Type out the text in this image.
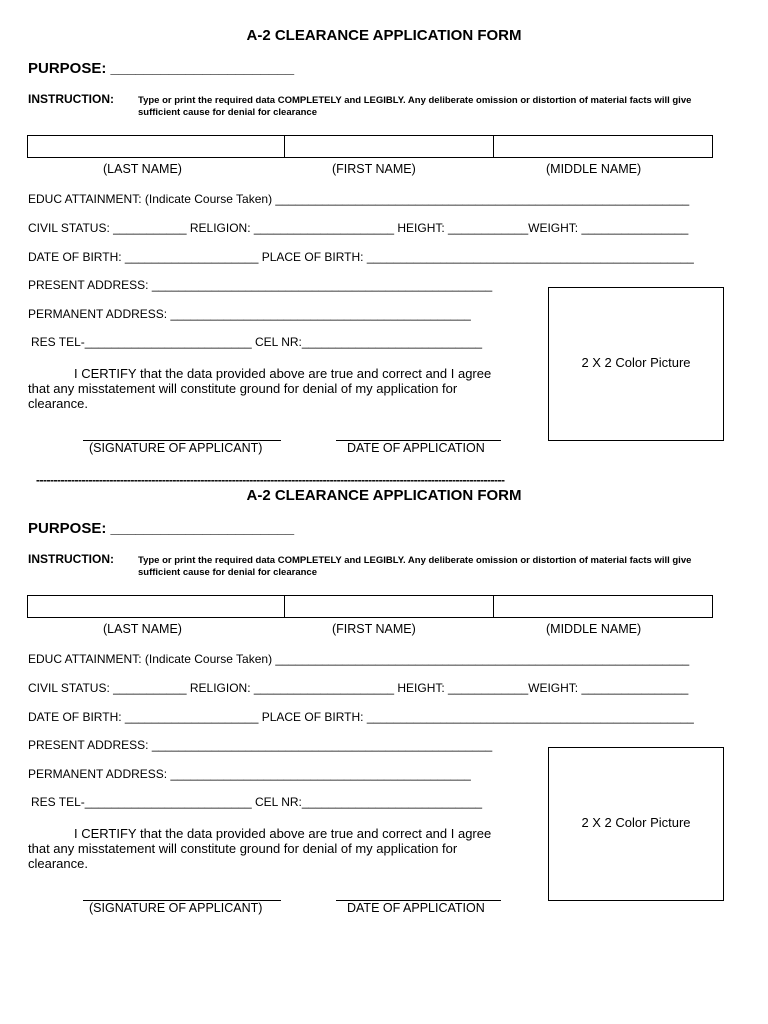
A-2 CLEARANCE APPLICATION FORM
PURPOSE: ______________________
INSTRUCTION:	Type or print the required data COMPLETELY and LEGIBLY. Any deliberate omission or distortion of material facts will give sufficient cause for denial for clearance
(LAST NAME)	(FIRST NAME)	(MIDDLE NAME)
EDUC ATTAINMENT: (Indicate Course Taken) ______________________________________________________________
CIVIL STATUS: ___________ RELIGION: _____________________ HEIGHT: ____________WEIGHT: ________________
DATE OF BIRTH: ____________________ PLACE OF BIRTH: _________________________________________________
PRESENT ADDRESS: ___________________________________________________
PERMANENT ADDRESS: _____________________________________________
RES TEL-_________________________ CEL NR:___________________________
2 X 2 Color Picture
I CERTIFY that the data provided above are true and correct and I agree that any misstatement will constitute ground for denial of my application for clearance.
(SIGNATURE OF APPLICANT)	DATE OF APPLICATION
--------------------------------------------------------------------------------------------------------------------------------------
A-2 CLEARANCE APPLICATION FORM
PURPOSE: ______________________
INSTRUCTION:	Type or print the required data COMPLETELY and LEGIBLY. Any deliberate omission or distortion of material facts will give sufficient cause for denial for clearance
(LAST NAME)	(FIRST NAME)	(MIDDLE NAME)
EDUC ATTAINMENT: (Indicate Course Taken) ______________________________________________________________
CIVIL STATUS: ___________ RELIGION: _____________________ HEIGHT: ____________WEIGHT: ________________
DATE OF BIRTH: ____________________ PLACE OF BIRTH: _________________________________________________
PRESENT ADDRESS: ___________________________________________________
PERMANENT ADDRESS: _____________________________________________
RES TEL-_________________________ CEL NR:___________________________
2 X 2 Color Picture
I CERTIFY that the data provided above are true and correct and I agree that any misstatement will constitute ground for denial of my application for clearance.
(SIGNATURE OF APPLICANT)	DATE OF APPLICATION
